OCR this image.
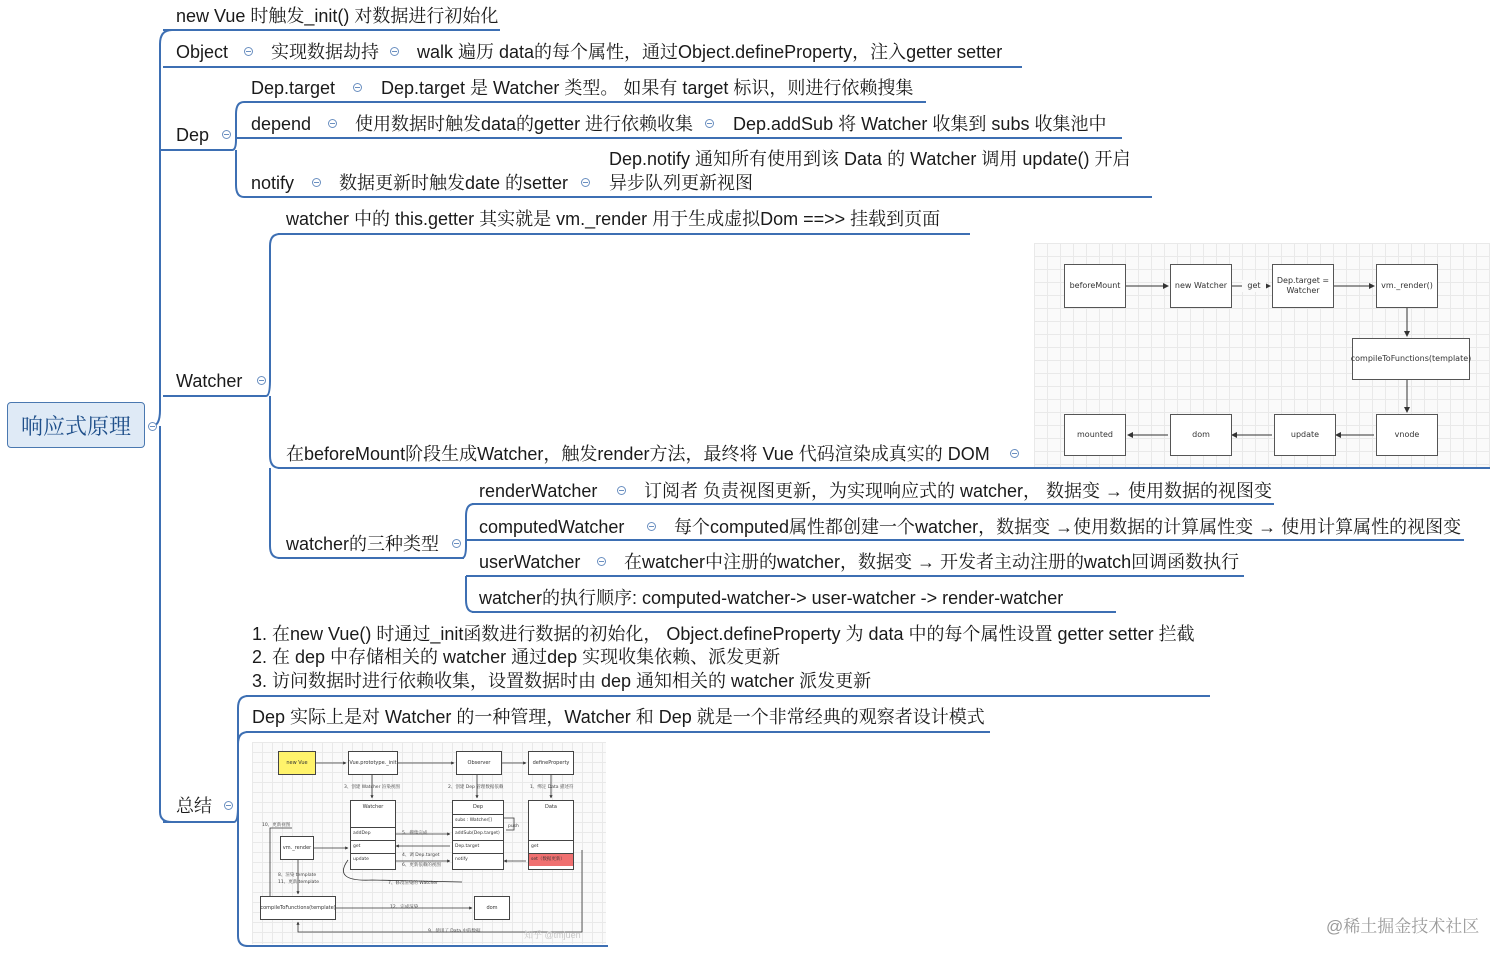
响应式原理
new Vue 时触发_init() 对数据进行初始化
Object 实现数据劫持 walk 遍历 data的每个属性，通过Object.defineProperty，注入getter setter
Dep
Dep.target	Dep.target 是 Watcher 类型。 如果有 target 标识，则进行依赖搜集
depend 使用数据时触发data的getter 进行依赖收集 Dep.addSub 将 Watcher 收集到 subs 收集池中
notify 数据更新时触发date 的setter
Dep.notify 通知所有使用到该 Data 的 Watcher 调用 update() 开启
异步队列更新视图
Watcher
watcher 中的 this.getter 其实就是 vm._render 用于生成虚拟Dom ==>> 挂载到页面
在beforeMount阶段生成Watcher，触发render方法，最终将 Vue 代码渲染成真实的 DOM
beforeMount	new Watcher	get
Dep.target =
Watcher
vm._render()
compileToFunctions(template)
vnode
update
dom
mounted
watcher的三种类型
renderWatcher	订阅者 负责视图更新，为实现响应式的 watcher， 数据变 → 使用数据的视图变
computedWatcher	每个computed属性都创建一个watcher，数据变 →使用数据的计算属性变 → 使用计算属性的视图变
userWatcher 在watcher中注册的watcher，数据变 → 开发者主动注册的watch回调函数执行
watcher的执行顺序: computed-watcher-> user-watcher -> render-watcher
总结
1. 在new Vue() 时通过_init函数进行数据的初始化， Object.defineProperty 为 data 中的每个属性设置 getter setter 拦截
2. 在 dep 中存储相关的 watcher 通过dep 实现收集依赖、派发更新
3. 访问数据时进行依赖收集，设置数据时由 dep 通知相关的 watcher 派发更新
Dep 实际上是对 Watcher 的一种管理，Watcher 和 Dep 就是一个非常经典的观察者设计模式
new Vue	Vue.prototype._init	Observer	defineProperty
3、创建 Watcher 渲染视图	2、创建 Dep 管理数据依赖	1、绑定 Data 描述符
Watcher
addDep
get
update
Dep
subs : Watcher[]
addSub(Dep.target)
Dep.target
notify
push
Data
get
set（数据更新）
5、搜集完成
4、调 Dep.target
6、更新依赖的视图
7、修改渲染的 Watcher
10、更新视图
8、渲染 template
11、更新 template
12、完成渲染
9、使用了 Data 中的数据
vm._render
compileToFunctions(template)	dom
知乎 @tmjuen	@稀土掘金技术社区
